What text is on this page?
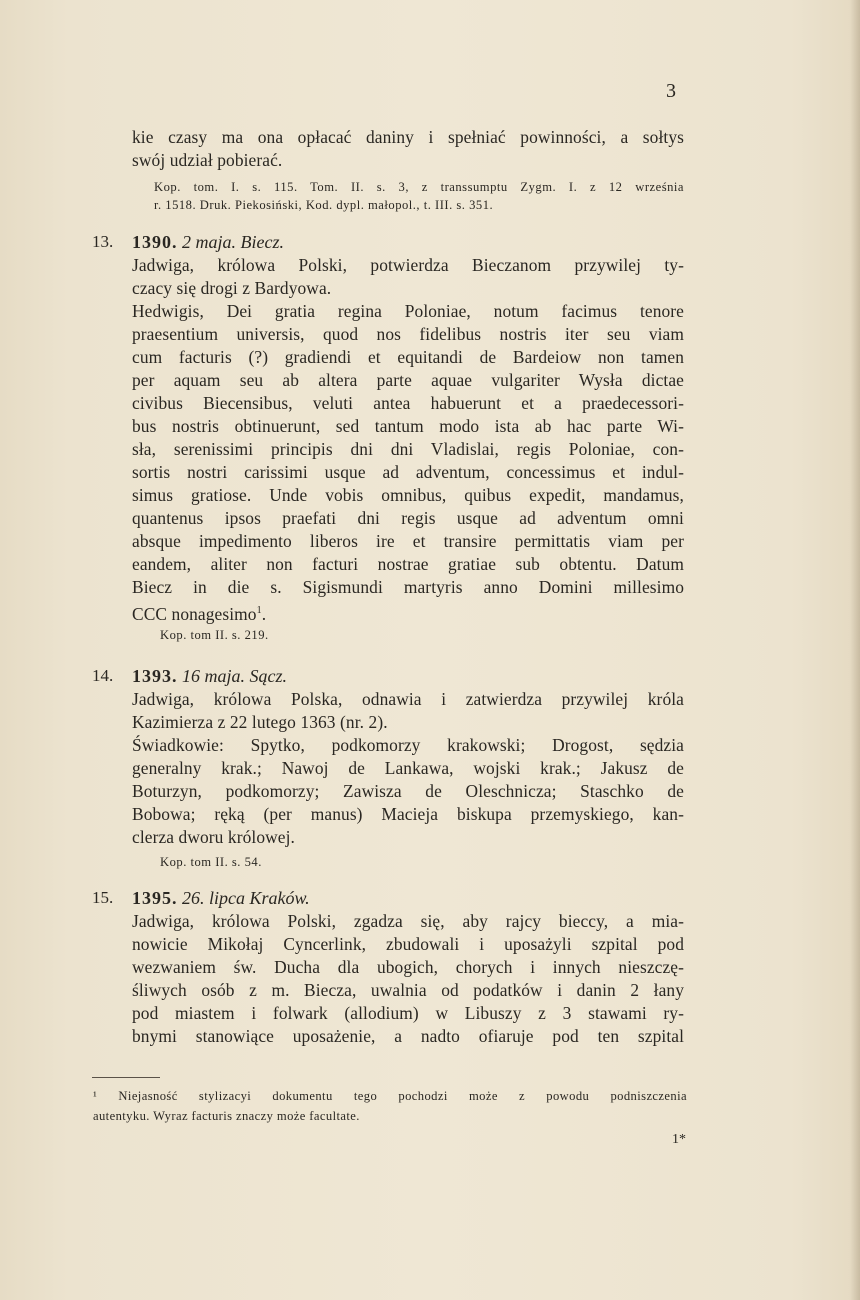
3
kie czasy ma ona opłacać daniny i spełniać powinności, a sołtys
swój udział pobierać.
Kop. tom. I. s. 115. Tom. II. s. 3, z transsumptu Zygm. I. z 12 września
r. 1518. Druk. Piekosiński, Kod. dypl. małopol., t. III. s. 351.
13. 1390. 2 maja. Biecz.
Jadwiga, królowa Polski, potwierdza Bieczanom przywilej ty-
czacy się drogi z Bardyowa.
Hedwigis, Dei gratia regina Poloniae, notum facimus tenore
praesentium universis, quod nos fidelibus nostris iter seu viam
cum facturis (?) gradiendi et equitandi de Bardeiow non tamen
per aquam seu ab altera parte aquae vulgariter Wysła dictae
civibus Biecensibus, veluti antea habuerunt et a praedecessori-
bus nostris obtinuerunt, sed tantum modo ista ab hac parte Wi-
sła, serenissimi principis dni dni Vladislai, regis Poloniae, con-
sortis nostri carissimi usque ad adventum, concessimus et indul-
simus gratiose. Unde vobis omnibus, quibus expedit, mandamus,
quantenus ipsos praefati dni regis usque ad adventum omni
absque impedimento liberos ire et transire permittatis viam per
eandem, aliter non facturi nostrae gratiae sub obtentu. Datum
Biecz in die s. Sigismundi martyris anno Domini millesimo
CCC nonagesimo$^1$.
Kop. tom II. s. 219.
14. 1393. 16 maja. Sącz.
Jadwiga, królowa Polska, odnawia i zatwierdza przywilej króla
Kazimierza z 22 lutego 1363 (nr. 2).
Świadkowie: Spytko, podkomorzy krakowski; Drogost, sędzia
generalny krak.; Nawoj de Lankawa, wojski krak.; Jakusz de
Boturzyn, podkomorzy; Zawisza de Oleschnicza; Staschko de
Bobowa; ręką (per manus) Macieja biskupa przemyskiego, kan-
clerza dworu królowej.
Kop. tom II. s. 54.
15. 1395. 26. lipca Kraków.
Jadwiga, królowa Polski, zgadza się, aby rajcy bieccy, a mia-
nowicie Mikołaj Cyncerlink, zbudowali i uposażyli szpital pod
wezwaniem św. Ducha dla ubogich, chorych i innych nieszczę-
śliwych osób z m. Biecza, uwalnia od podatków i danin 2 łany
pod miastem i folwark (allodium) w Libuszy z 3 stawami ry-
bnymi stanowiące uposażenie, a nadto ofiaruje pod ten szpital
¹ Niejasność stylizacyi dokumentu tego pochodzi może z powodu podniszczenia
autentyku. Wyraz facturis znaczy może facultate.
1*
